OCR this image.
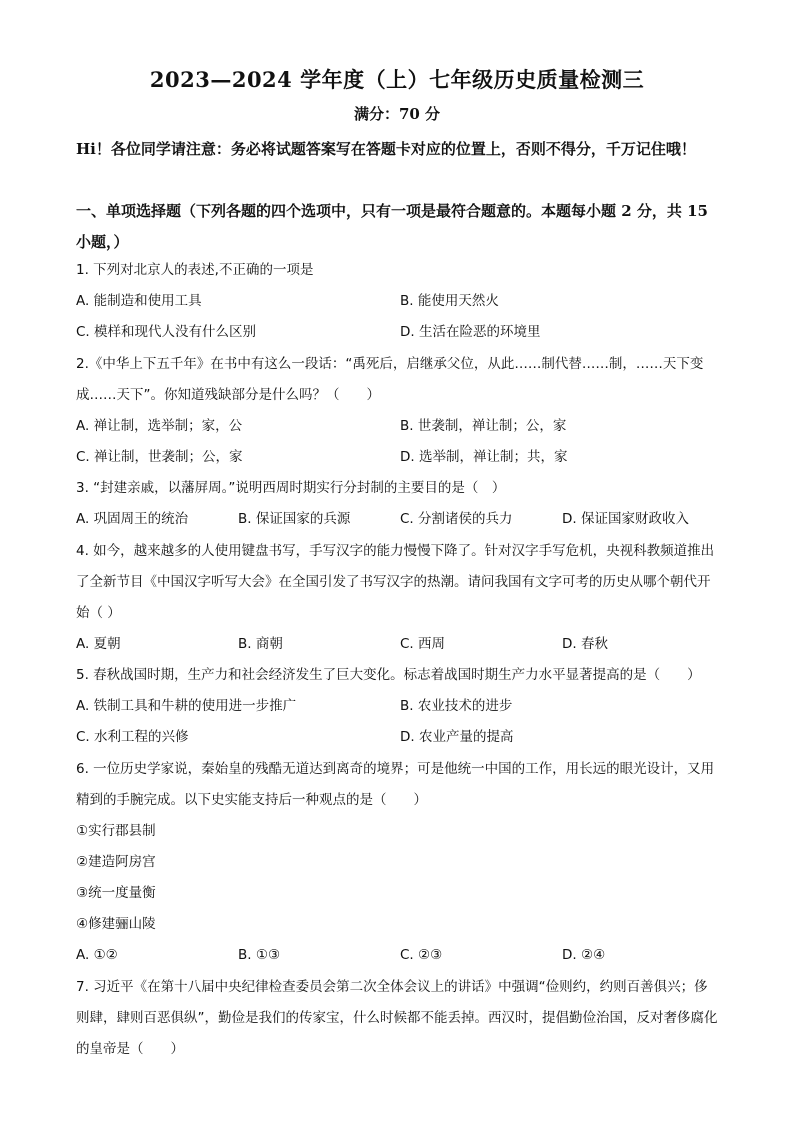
2023—2024 学年度（上）七年级历史质量检测三
满分：70 分
Hi！各位同学请注意：务必将试题答案写在答题卡对应的位置上，否则不得分，千万记住哦！
一、单项选择题（下列各题的四个选项中，只有一项是最符合题意的。本题每小题 2 分，共 15 小题，）
1. 下列对北京人的表述,不正确的一项是
A. 能制造和使用工具	B. 能使用天然火
C. 模样和现代人没有什么区别	D. 生活在险恶的环境里
2.《中华上下五千年》在书中有这么一段话：“禹死后，启继承父位，从此……制代替……制，……天下变成……天下”。你知道残缺部分是什么吗？（　　）
A. 禅让制，选举制；家，公	B. 世袭制，禅让制；公，家
C. 禅让制，世袭制；公，家	D. 选举制，禅让制；共，家
3. “封建亲戚，以藩屏周。”说明西周时期实行分封制的主要目的是（　）
A. 巩固周王的统治	B. 保证国家的兵源	C. 分割诸侯的兵力	D. 保证国家财政收入
4. 如今，越来越多的人使用键盘书写，手写汉字的能力慢慢下降了。针对汉字手写危机，央视科教频道推出了全新节目《中国汉字听写大会》在全国引发了书写汉字的热潮。请问我国有文字可考的历史从哪个朝代开始（ ）
A. 夏朝	B. 商朝	C. 西周	D. 春秋
5. 春秋战国时期，生产力和社会经济发生了巨大变化。标志着战国时期生产力水平显著提高的是（　　）
A. 铁制工具和牛耕的使用进一步推广	B. 农业技术的进步
C. 水利工程的兴修	D. 农业产量的提高
6. 一位历史学家说，秦始皇的残酷无道达到离奇的境界；可是他统一中国的工作，用长远的眼光设计，又用精到的手腕完成。以下史实能支持后一种观点的是（　　）
①实行郡县制
②建造阿房宫
③统一度量衡
④修建骊山陵
A. ①②	B. ①③	C. ②③	D. ②④
7. 习近平《在第十八届中央纪律检查委员会第二次全体会议上的讲话》中强调“俭则约，约则百善俱兴；侈则肆，肆则百恶俱纵”，勤俭是我们的传家宝，什么时候都不能丢掉。西汉时，提倡勤俭治国，反对奢侈腐化的皇帝是（　　）
